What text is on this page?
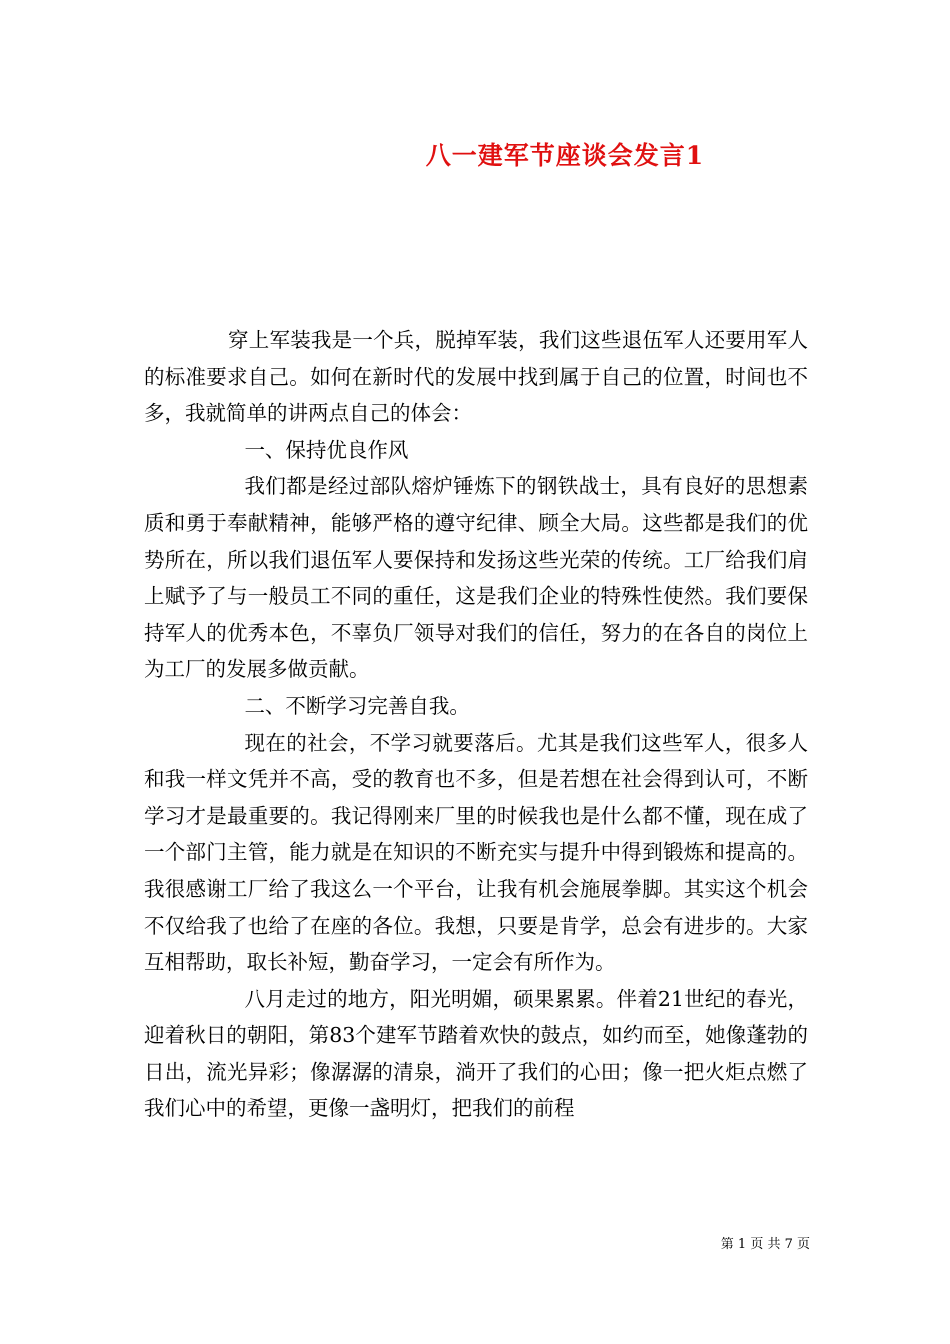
八一建军节座谈会发言1

穿上军装我是一个兵，脱掉军装，我们这些退伍军人还要用军人的标准要求自己。如何在新时代的发展中找到属于自己的位置，时间也不多，我就简单的讲两点自己的体会：

一、保持优良作风

我们都是经过部队熔炉锤炼下的钢铁战士，具有良好的思想素质和勇于奉献精神，能够严格的遵守纪律、顾全大局。这些都是我们的优势所在，所以我们退伍军人要保持和发扬这些光荣的传统。工厂给我们肩上赋予了与一般员工不同的重任，这是我们企业的特殊性使然。我们要保持军人的优秀本色，不辜负厂领导对我们的信任，努力的在各自的岗位上为工厂的发展多做贡献。

二、不断学习完善自我。

现在的社会，不学习就要落后。尤其是我们这些军人，很多人和我一样文凭并不高，受的教育也不多，但是若想在社会得到认可，不断学习才是最重要的。我记得刚来厂里的时候我也是什么都不懂，现在成了一个部门主管，能力就是在知识的不断充实与提升中得到锻炼和提高的。我很感谢工厂给了我这么一个平台，让我有机会施展拳脚。其实这个机会不仅给我了也给了在座的各位。我想，只要是肯学，总会有进步的。大家互相帮助，取长补短，勤奋学习，一定会有所作为。

八月走过的地方，阳光明媚，硕果累累。伴着21世纪的春光，迎着秋日的朝阳，第83个建军节踏着欢快的鼓点，如约而至，她像蓬勃的日出，流光异彩；像潺潺的清泉，淌开了我们的心田；像一把火炬点燃了我们心中的希望，更像一盏明灯，把我们的前程

第 1 页 共 7 页
